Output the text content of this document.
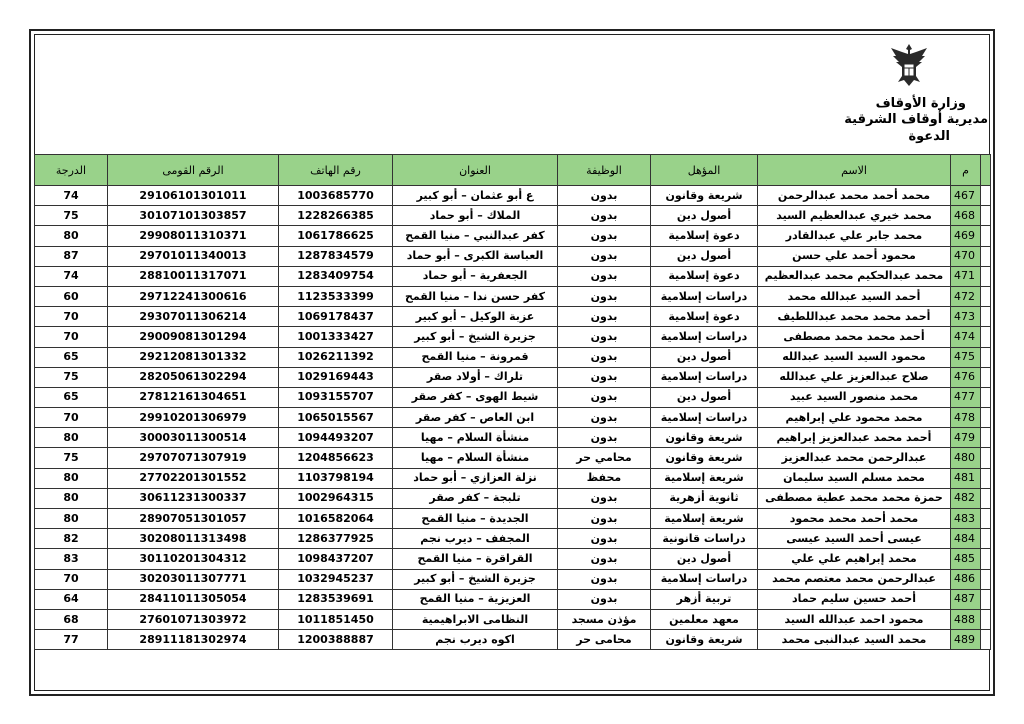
وزارة الأوقاف
مديرية أوقاف الشرقية
الدعوة
	م	الاسم	المؤهل	الوظيفة	العنوان	رقم الهاتف	الرقم القومى	الدرجة
	467	محمد أحمد محمد عبدالرحمن	شريعة وقانون	بدون	ع أبو عثمان – أبو كبير	1003685770	29106101301011	74
	468	محمد خيري عبدالعظيم السيد	أصول دين	بدون	الملاك – أبو حماد	1228266385	30107101303857	75
	469	محمد جابر علي عبدالقادر	دعوة إسلامية	بدون	كفر عبدالنبي – منيا القمح	1061786625	29908011310371	80
	470	محمود أحمد علي حسن	أصول دين	بدون	العباسة الكبرى – أبو حماد	1287834579	29701011340013	87
	471	محمد عبدالحكيم محمد عبدالعظيم	دعوة إسلامية	بدون	الجعفرية – أبو حماد	1283409754	28810011317071	74
	472	أحمد السيد عبدالله محمد	دراسات إسلامية	بدون	كفر حسن ندا – منيا القمح	1123533399	29712241300616	60
	473	أحمد محمد محمد عبداللطيف	دعوة إسلامية	بدون	عزبة الوكيل – أبو كبير	1069178437	29307011306214	70
	474	أحمد محمد محمد مصطفى	دراسات إسلامية	بدون	جزيرة الشيخ – أبو كبير	1001333427	29009081301294	70
	475	محمود السيد السيد عبدالله	أصول دين	بدون	قمرونة – منيا القمح	1026211392	29212081301332	65
	476	صلاح عبدالعزيز علي عبدالله	دراسات إسلامية	بدون	تلراك – أولاد صقر	1029169443	28205061302294	75
	477	محمد منصور السيد عبيد	أصول دين	بدون	شيط الهوى – كفر صقر	1093155707	27812161304651	65
	478	محمد محمود علي إبراهيم	دراسات إسلامية	بدون	ابن العاص – كفر صقر	1065015567	29910201306979	70
	479	أحمد محمد عبدالعزيز إبراهيم	شريعة وقانون	بدون	منشأة السلام – مهيا	1094493207	30003011300514	80
	480	عبدالرحمن محمد عبدالعزيز	شريعة وقانون	محامي حر	منشأة السلام – مهيا	1204856623	29707071307919	75
	481	محمد مسلم السيد سليمان	شريعة إسلامية	محفظ	نزلة العزازي – أبو حماد	1103798194	27702201301552	80
	482	حمزة محمد محمد عطية مصطفى	ثانوية أزهرية	بدون	تلبجة – كفر صقر	1002964315	30611231300337	80
	483	محمد أحمد محمد محمود	شريعة إسلامية	بدون	الجديدة – منيا القمح	1016582064	28907051301057	80
	484	عيسى أحمد السيد عيسى	دراسات قانونية	بدون	المجفف – ديرب نجم	1286377925	30208011313498	82
	485	محمد إبراهيم علي علي	أصول دين	بدون	القراقرة – منيا القمح	1098437207	30110201304312	83
	486	عبدالرحمن محمد معتصم محمد	دراسات إسلامية	بدون	جزيرة الشيخ – أبو كبير	1032945237	30203011307771	70
	487	أحمد حسين سليم حماد	تربية أزهر	بدون	العزيزية – منيا القمح	1283539691	28411011305054	64
	488	محمود احمد عبدالله السيد	معهد معلمين	مؤذن مسجد	النظامى الابراهيمية	1011851450	27601071303972	68
	489	محمد السيد عبدالنبى محمد	شريعة وقانون	محامى حر	اكوه ديرب نجم	1200388887	28911181302974	77
